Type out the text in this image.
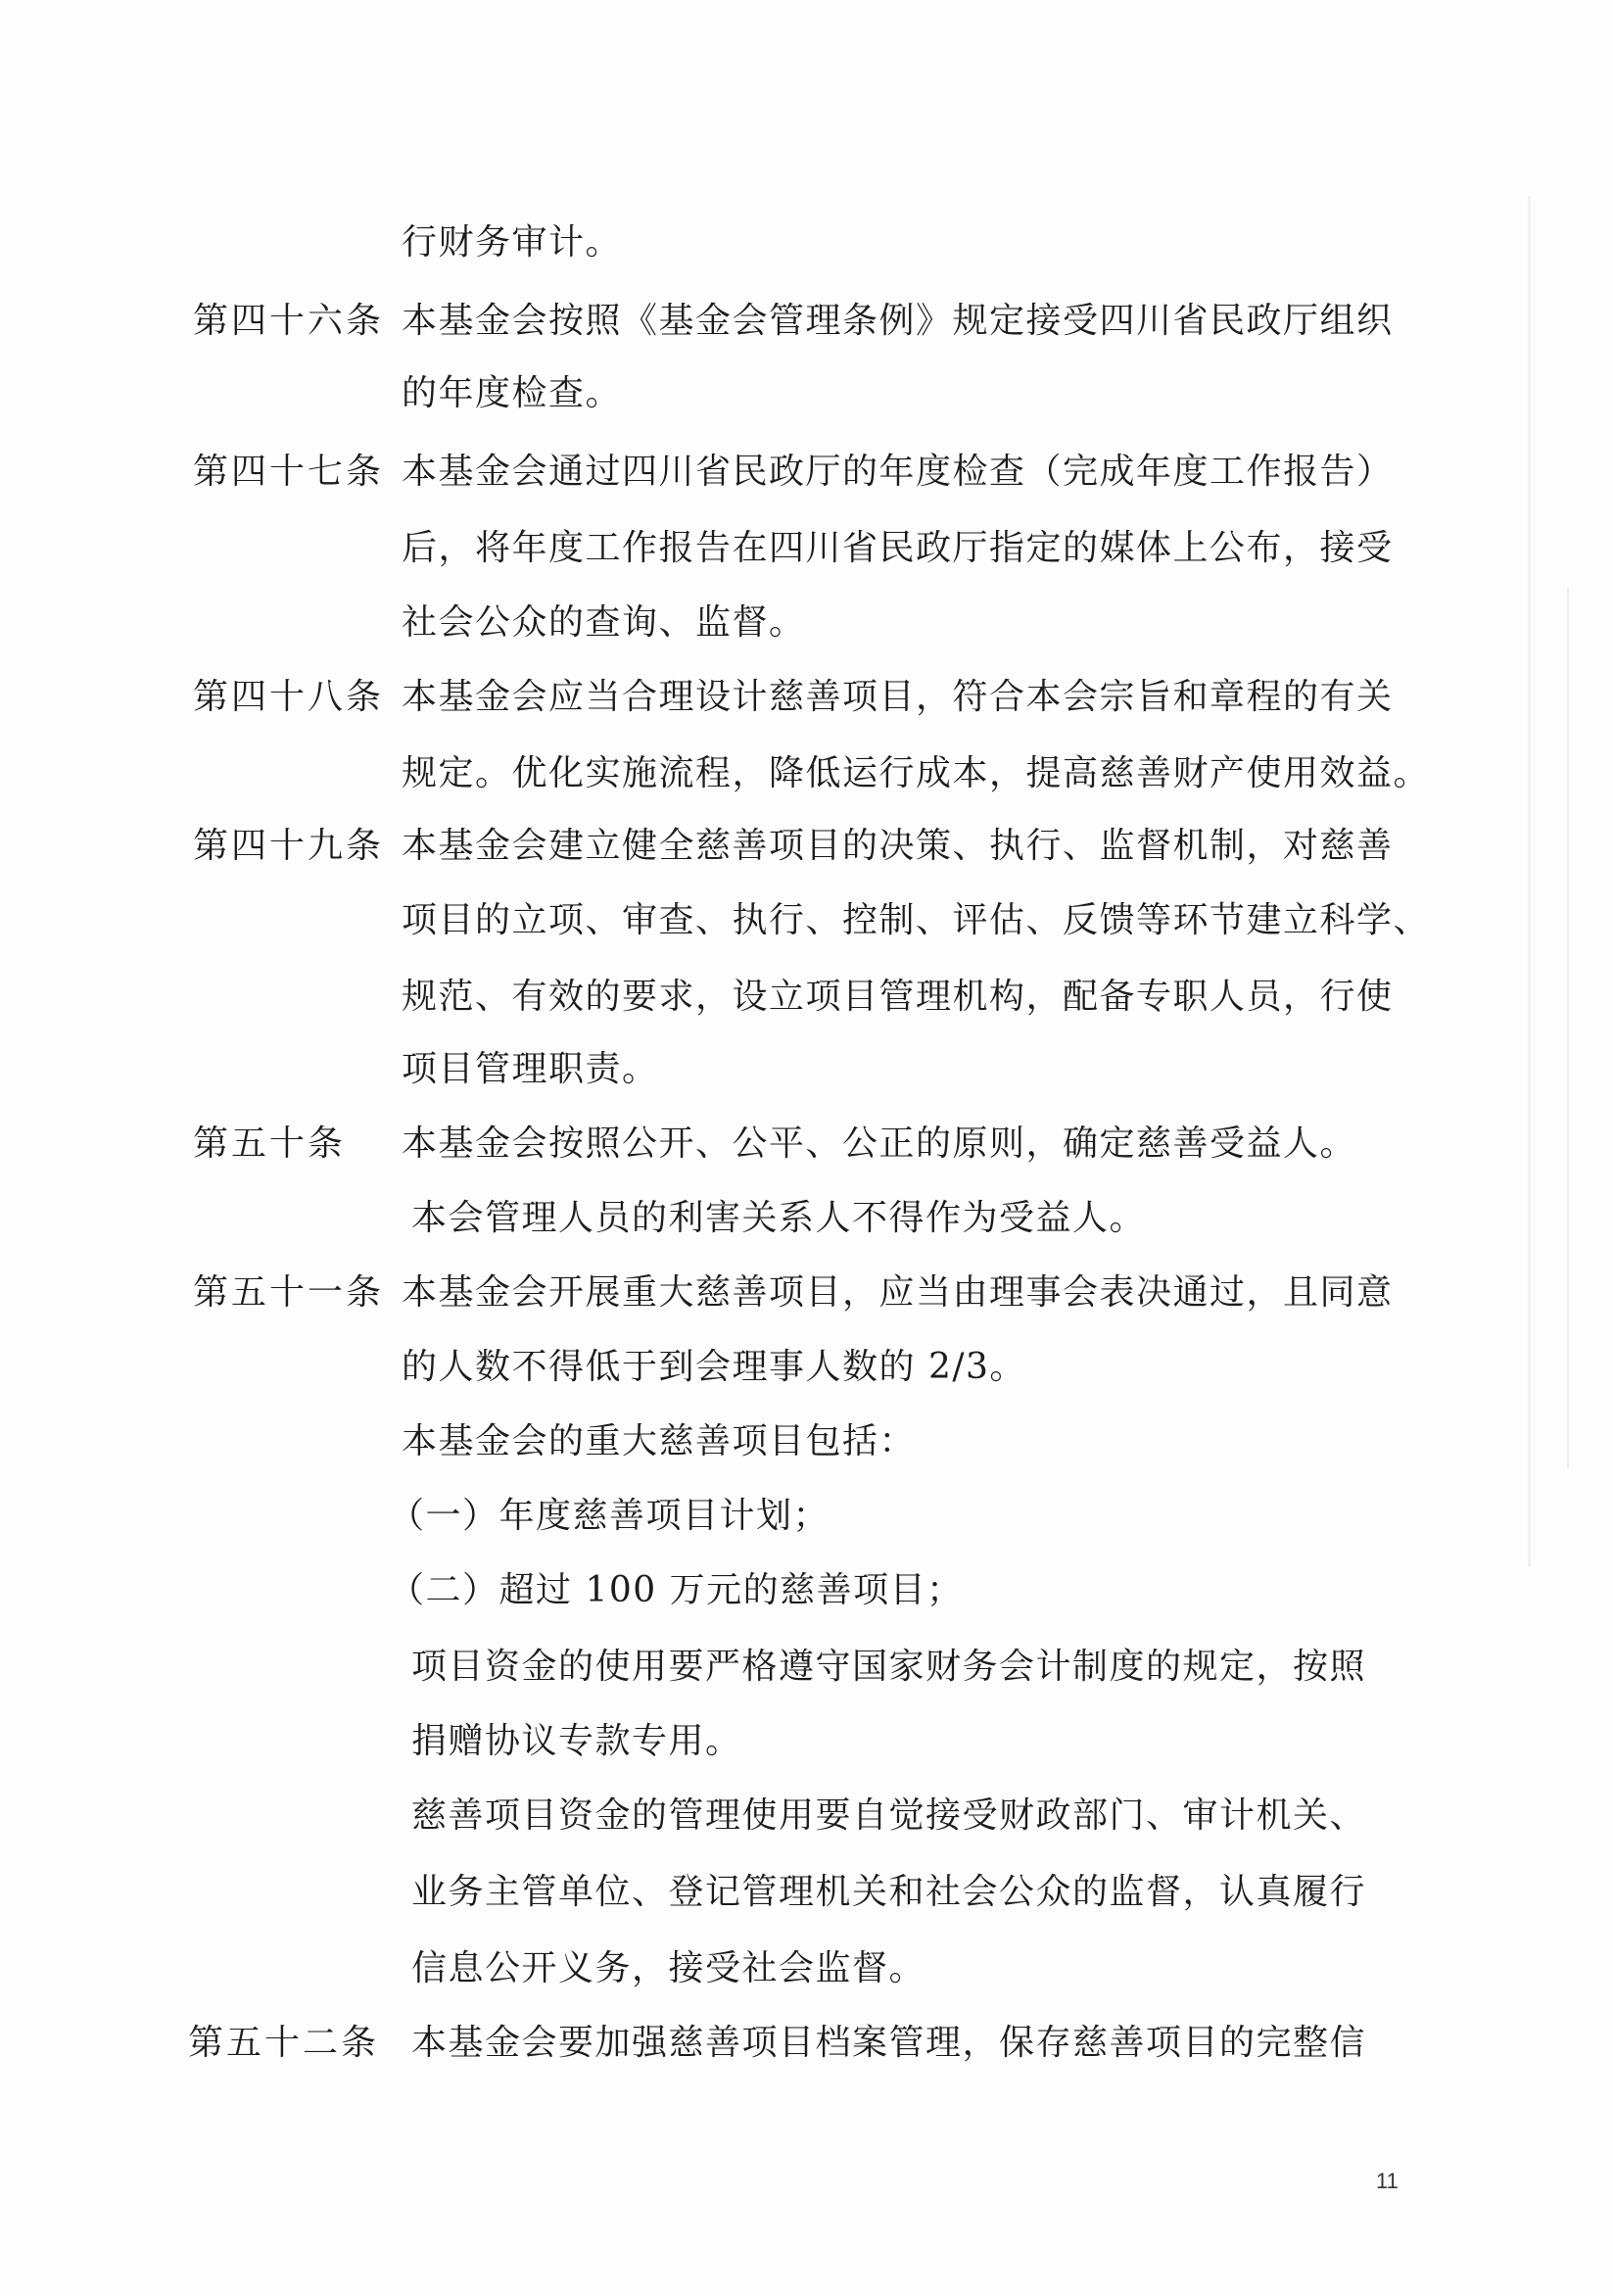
行财务审计。
第四十六条 本基金会按照《基金会管理条例》规定接受四川省民政厅组织
的年度检查。
第四十七条 本基金会通过四川省民政厅的年度检查（完成年度工作报告）
后，将年度工作报告在四川省民政厅指定的媒体上公布，接受
社会公众的查询、监督。
第四十八条 本基金会应当合理设计慈善项目，符合本会宗旨和章程的有关
规定。优化实施流程，降低运行成本，提高慈善财产使用效益。
第四十九条 本基金会建立健全慈善项目的决策、执行、监督机制，对慈善
项目的立项、审查、执行、控制、评估、反馈等环节建立科学、
规范、有效的要求，设立项目管理机构，配备专职人员，行使
项目管理职责。
第五十条 本基金会按照公开、公平、公正的原则，确定慈善受益人。
本会管理人员的利害关系人不得作为受益人。
第五十一条 本基金会开展重大慈善项目，应当由理事会表决通过，且同意
的人数不得低于到会理事人数的 2/3。
本基金会的重大慈善项目包括：
（一）年度慈善项目计划；
（二）超过 100 万元的慈善项目；
项目资金的使用要严格遵守国家财务会计制度的规定，按照
捐赠协议专款专用。
慈善项目资金的管理使用要自觉接受财政部门、审计机关、
业务主管单位、登记管理机关和社会公众的监督，认真履行
信息公开义务，接受社会监督。
第五十二条 本基金会要加强慈善项目档案管理，保存慈善项目的完整信
11
